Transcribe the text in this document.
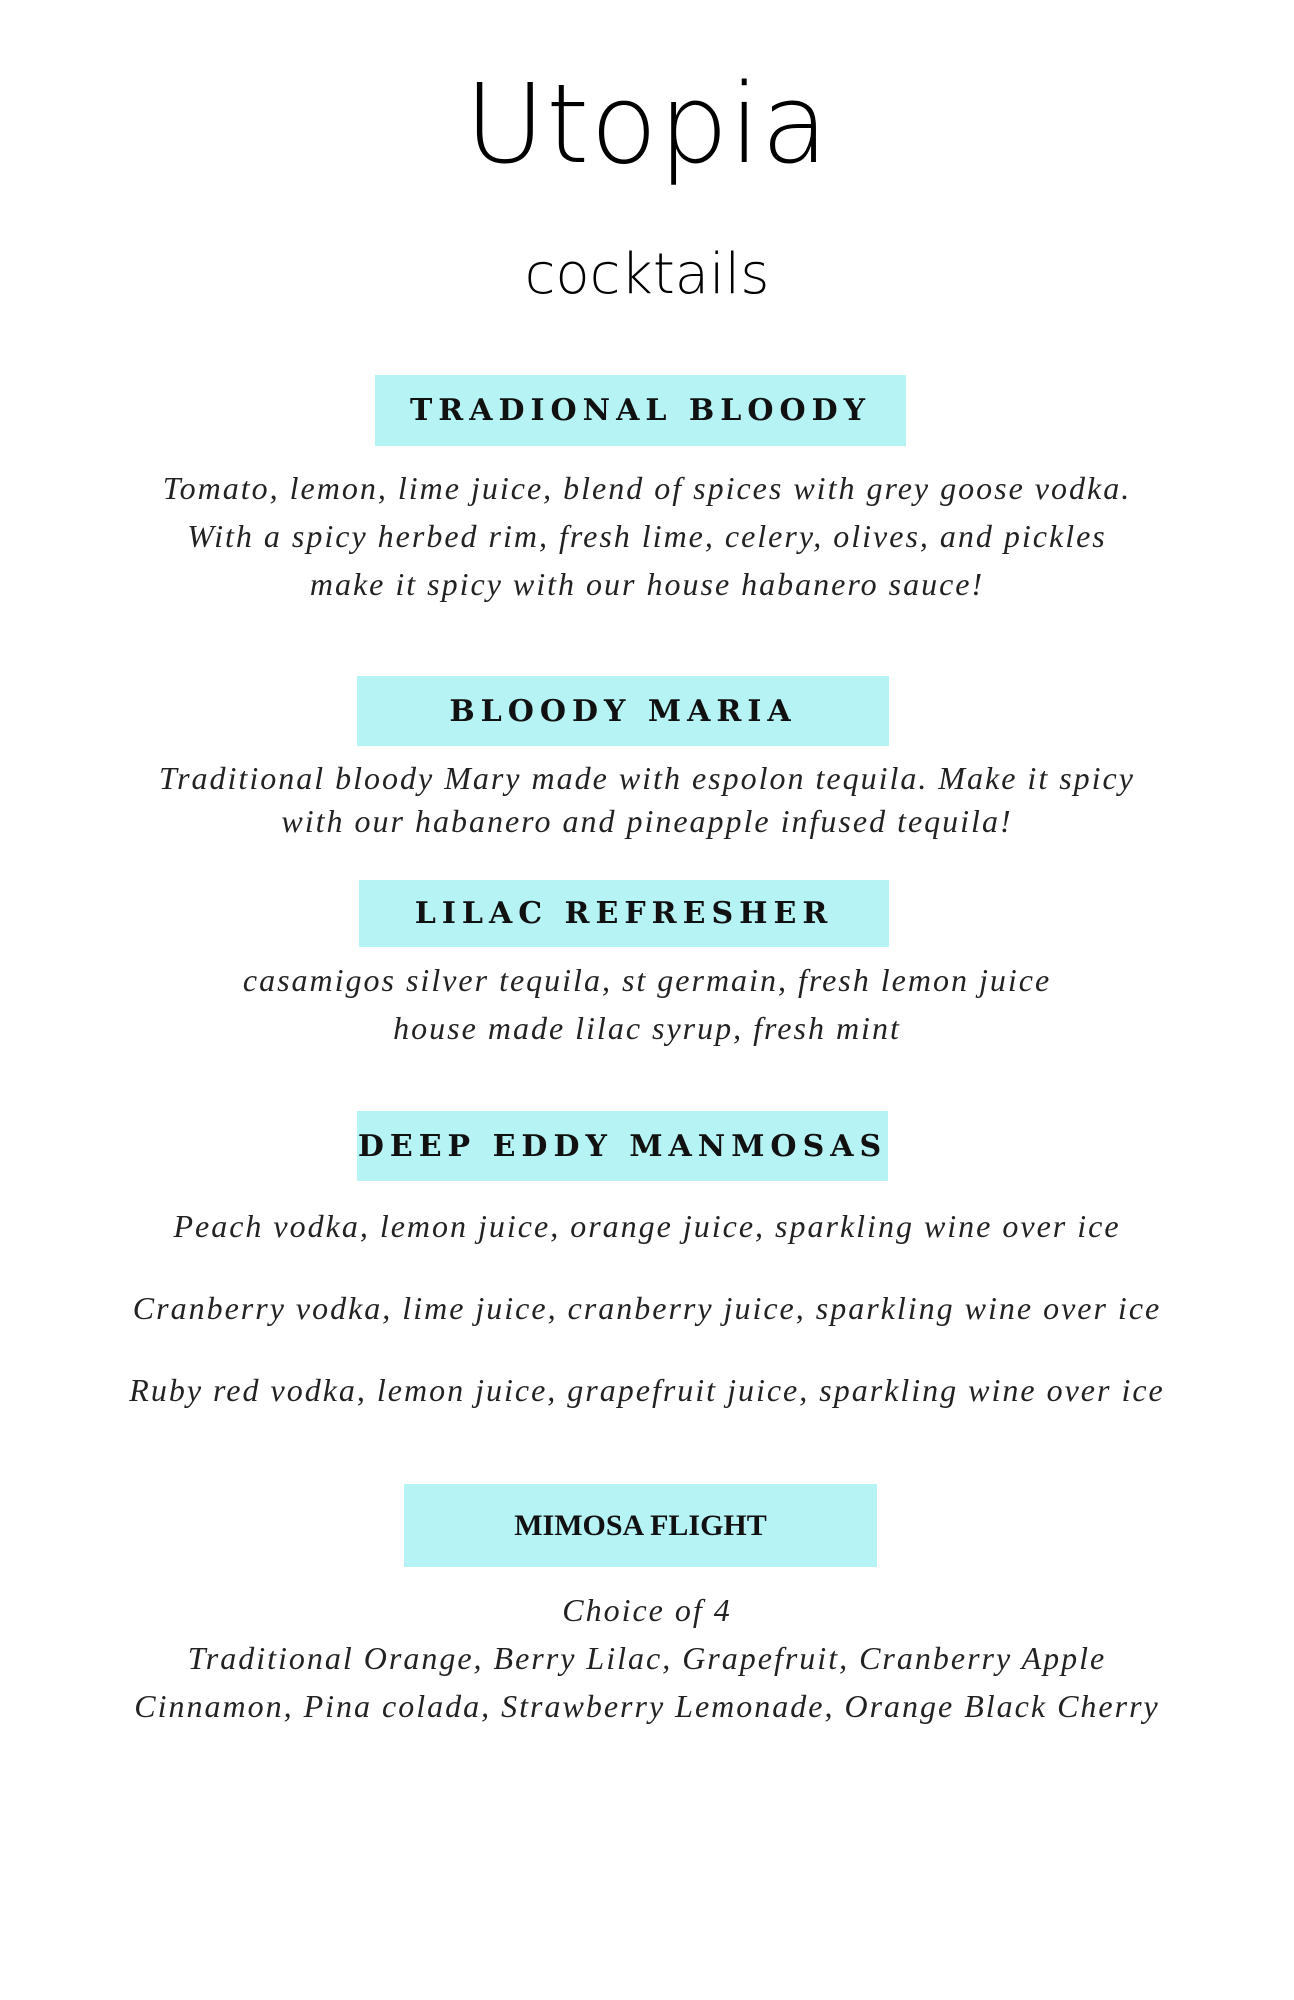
Utopia
cocktails
TRADIONAL BLOODY
Tomato, lemon, lime juice, blend of spices with grey goose vodka.
With a spicy herbed rim, fresh lime, celery, olives, and pickles
make it spicy with our house habanero sauce!
BLOODY MARIA
Traditional bloody Mary made with espolon tequila. Make it spicy
with our habanero and pineapple infused tequila!
LILAC REFRESHER
casamigos silver tequila, st germain, fresh lemon juice
house made lilac syrup, fresh mint
DEEP EDDY MANMOSAS
Peach vodka, lemon juice, orange juice, sparkling wine over ice
Cranberry vodka, lime juice, cranberry juice, sparkling wine over ice
Ruby red vodka, lemon juice, grapefruit juice, sparkling wine over ice
MIMOSA FLIGHT
Choice of 4
Traditional Orange, Berry Lilac, Grapefruit, Cranberry Apple
Cinnamon, Pina colada, Strawberry Lemonade, Orange Black Cherry
